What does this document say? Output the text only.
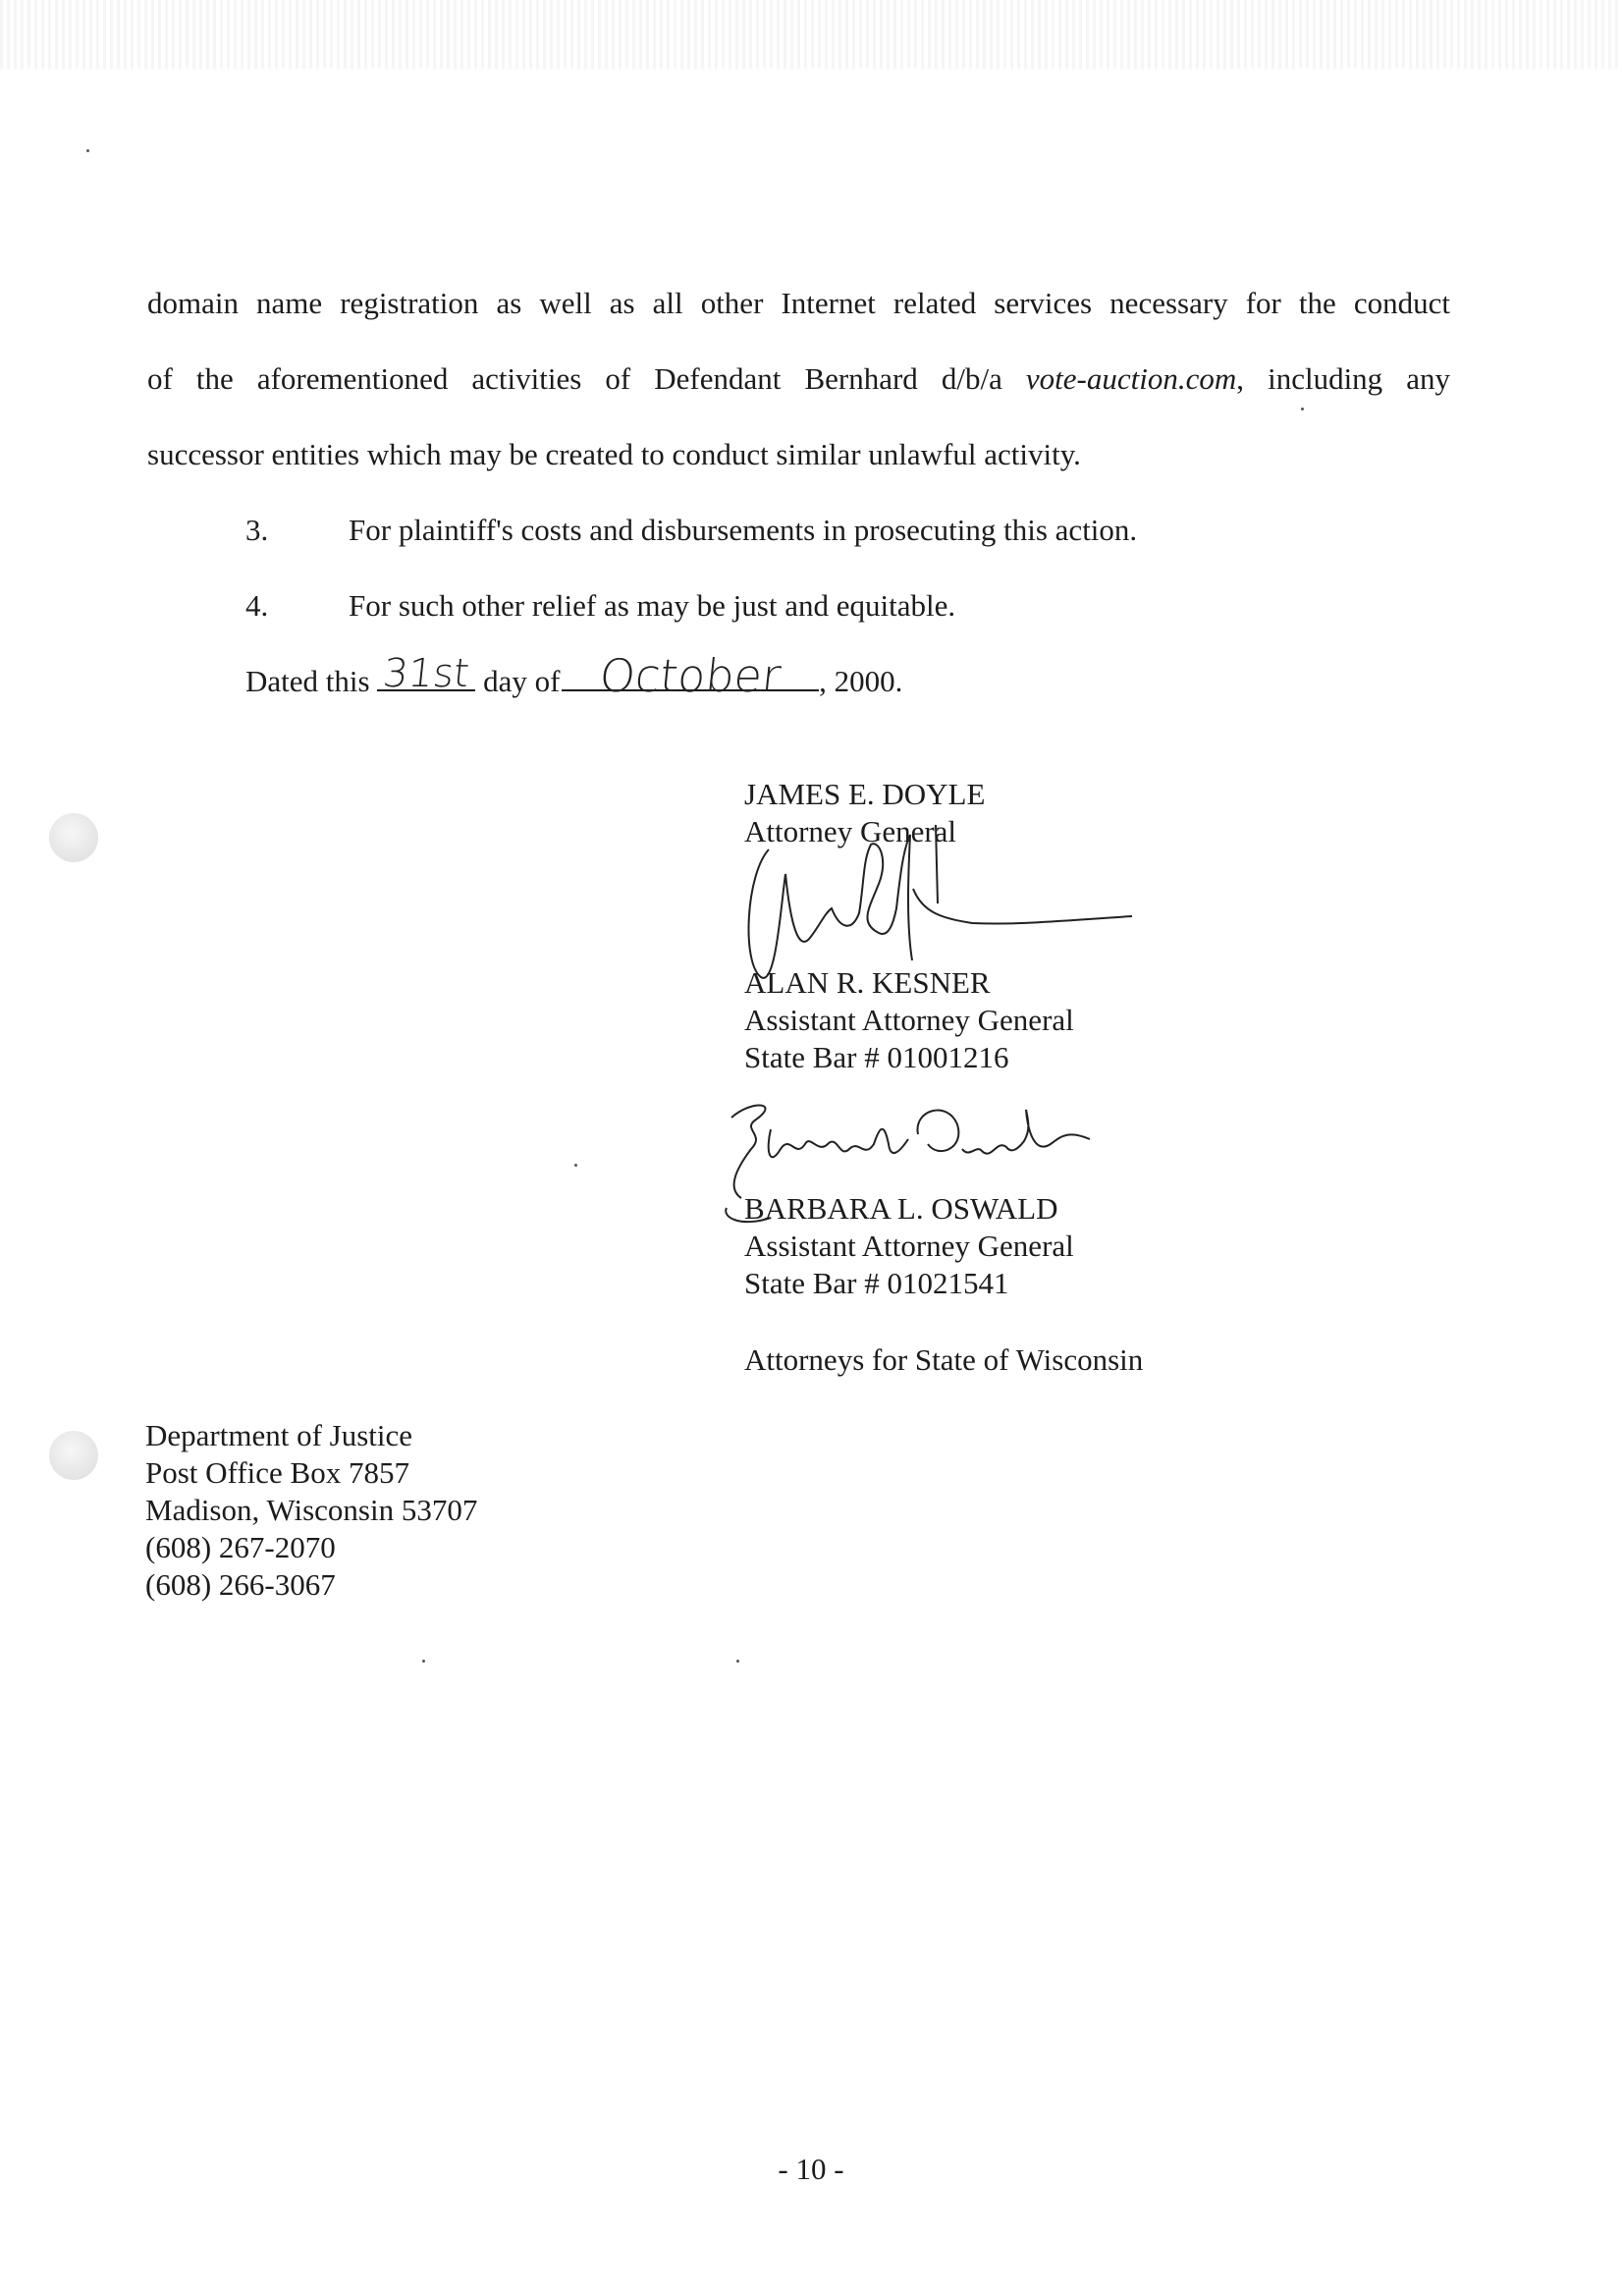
domain name registration as well as all other Internet related services necessary for the conduct
of the aforementioned activities of Defendant Bernhard d/b/a vote-auction.com, including any
successor entities which may be created to conduct similar unlawful activity.
3.	For plaintiff's costs and disbursements in prosecuting this action.
4.	For such other relief as may be just and equitable.
Dated this 31st day of October	, 2000.
JAMES E. DOYLE
Attorney General
ALAN R. KESNER
Assistant Attorney General
State Bar # 01001216
BARBARA L. OSWALD
Assistant Attorney General
State Bar # 01021541
Attorneys for State of Wisconsin
Department of Justice
Post Office Box 7857
Madison, Wisconsin 53707
(608) 267-2070
(608) 266-3067
- 10 -
